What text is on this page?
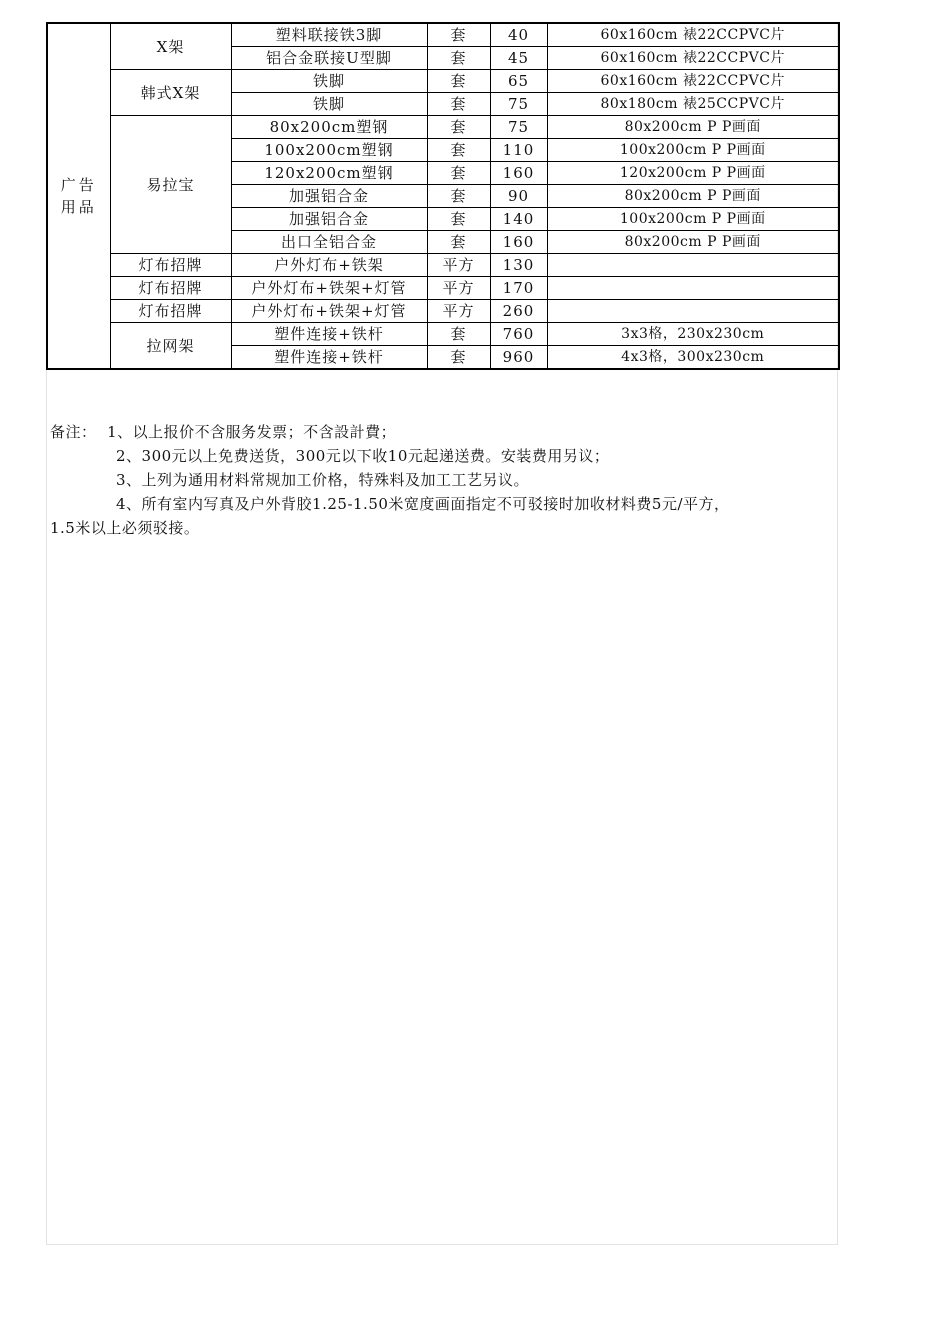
广告用品	X架	塑料联接铁3脚	套	40	60x160cm 裱22CCPVC片
		铝合金联接U型脚	套	45	60x160cm 裱22CCPVC片
	韩式X架	铁脚	套	65	60x160cm 裱22CCPVC片
		铁脚	套	75	80x180cm 裱25CCPVC片
	易拉宝	80x200cm塑钢	套	75	80x200cm P P画面
		100x200cm塑钢	套	110	100x200cm P P画面
		120x200cm塑钢	套	160	120x200cm P P画面
		加强铝合金	套	90	80x200cm P P画面
		加强铝合金	套	140	100x200cm P P画面
		出口全铝合金	套	160	80x200cm P P画面
	灯布招牌	户外灯布+铁架	平方	130	
	灯布招牌	户外灯布+铁架+灯管	平方	170	
	灯布招牌	户外灯布+铁架+灯管	平方	260	
	拉网架	塑件连接+铁杆	套	760	3x3格，230x230cm
		塑件连接+铁杆	套	960	4x3格，300x230cm
备注： 1、以上报价不含服务发票；不含設計費；
2、300元以上免费送货，300元以下收10元起递送费。安装费用另议；
3、上列为通用材料常规加工价格，特殊料及加工工艺另议。
4、所有室内写真及户外背胶1.25-1.50米宽度画面指定不可驳接时加收材料费5元/平方，
1.5米以上必须驳接。
